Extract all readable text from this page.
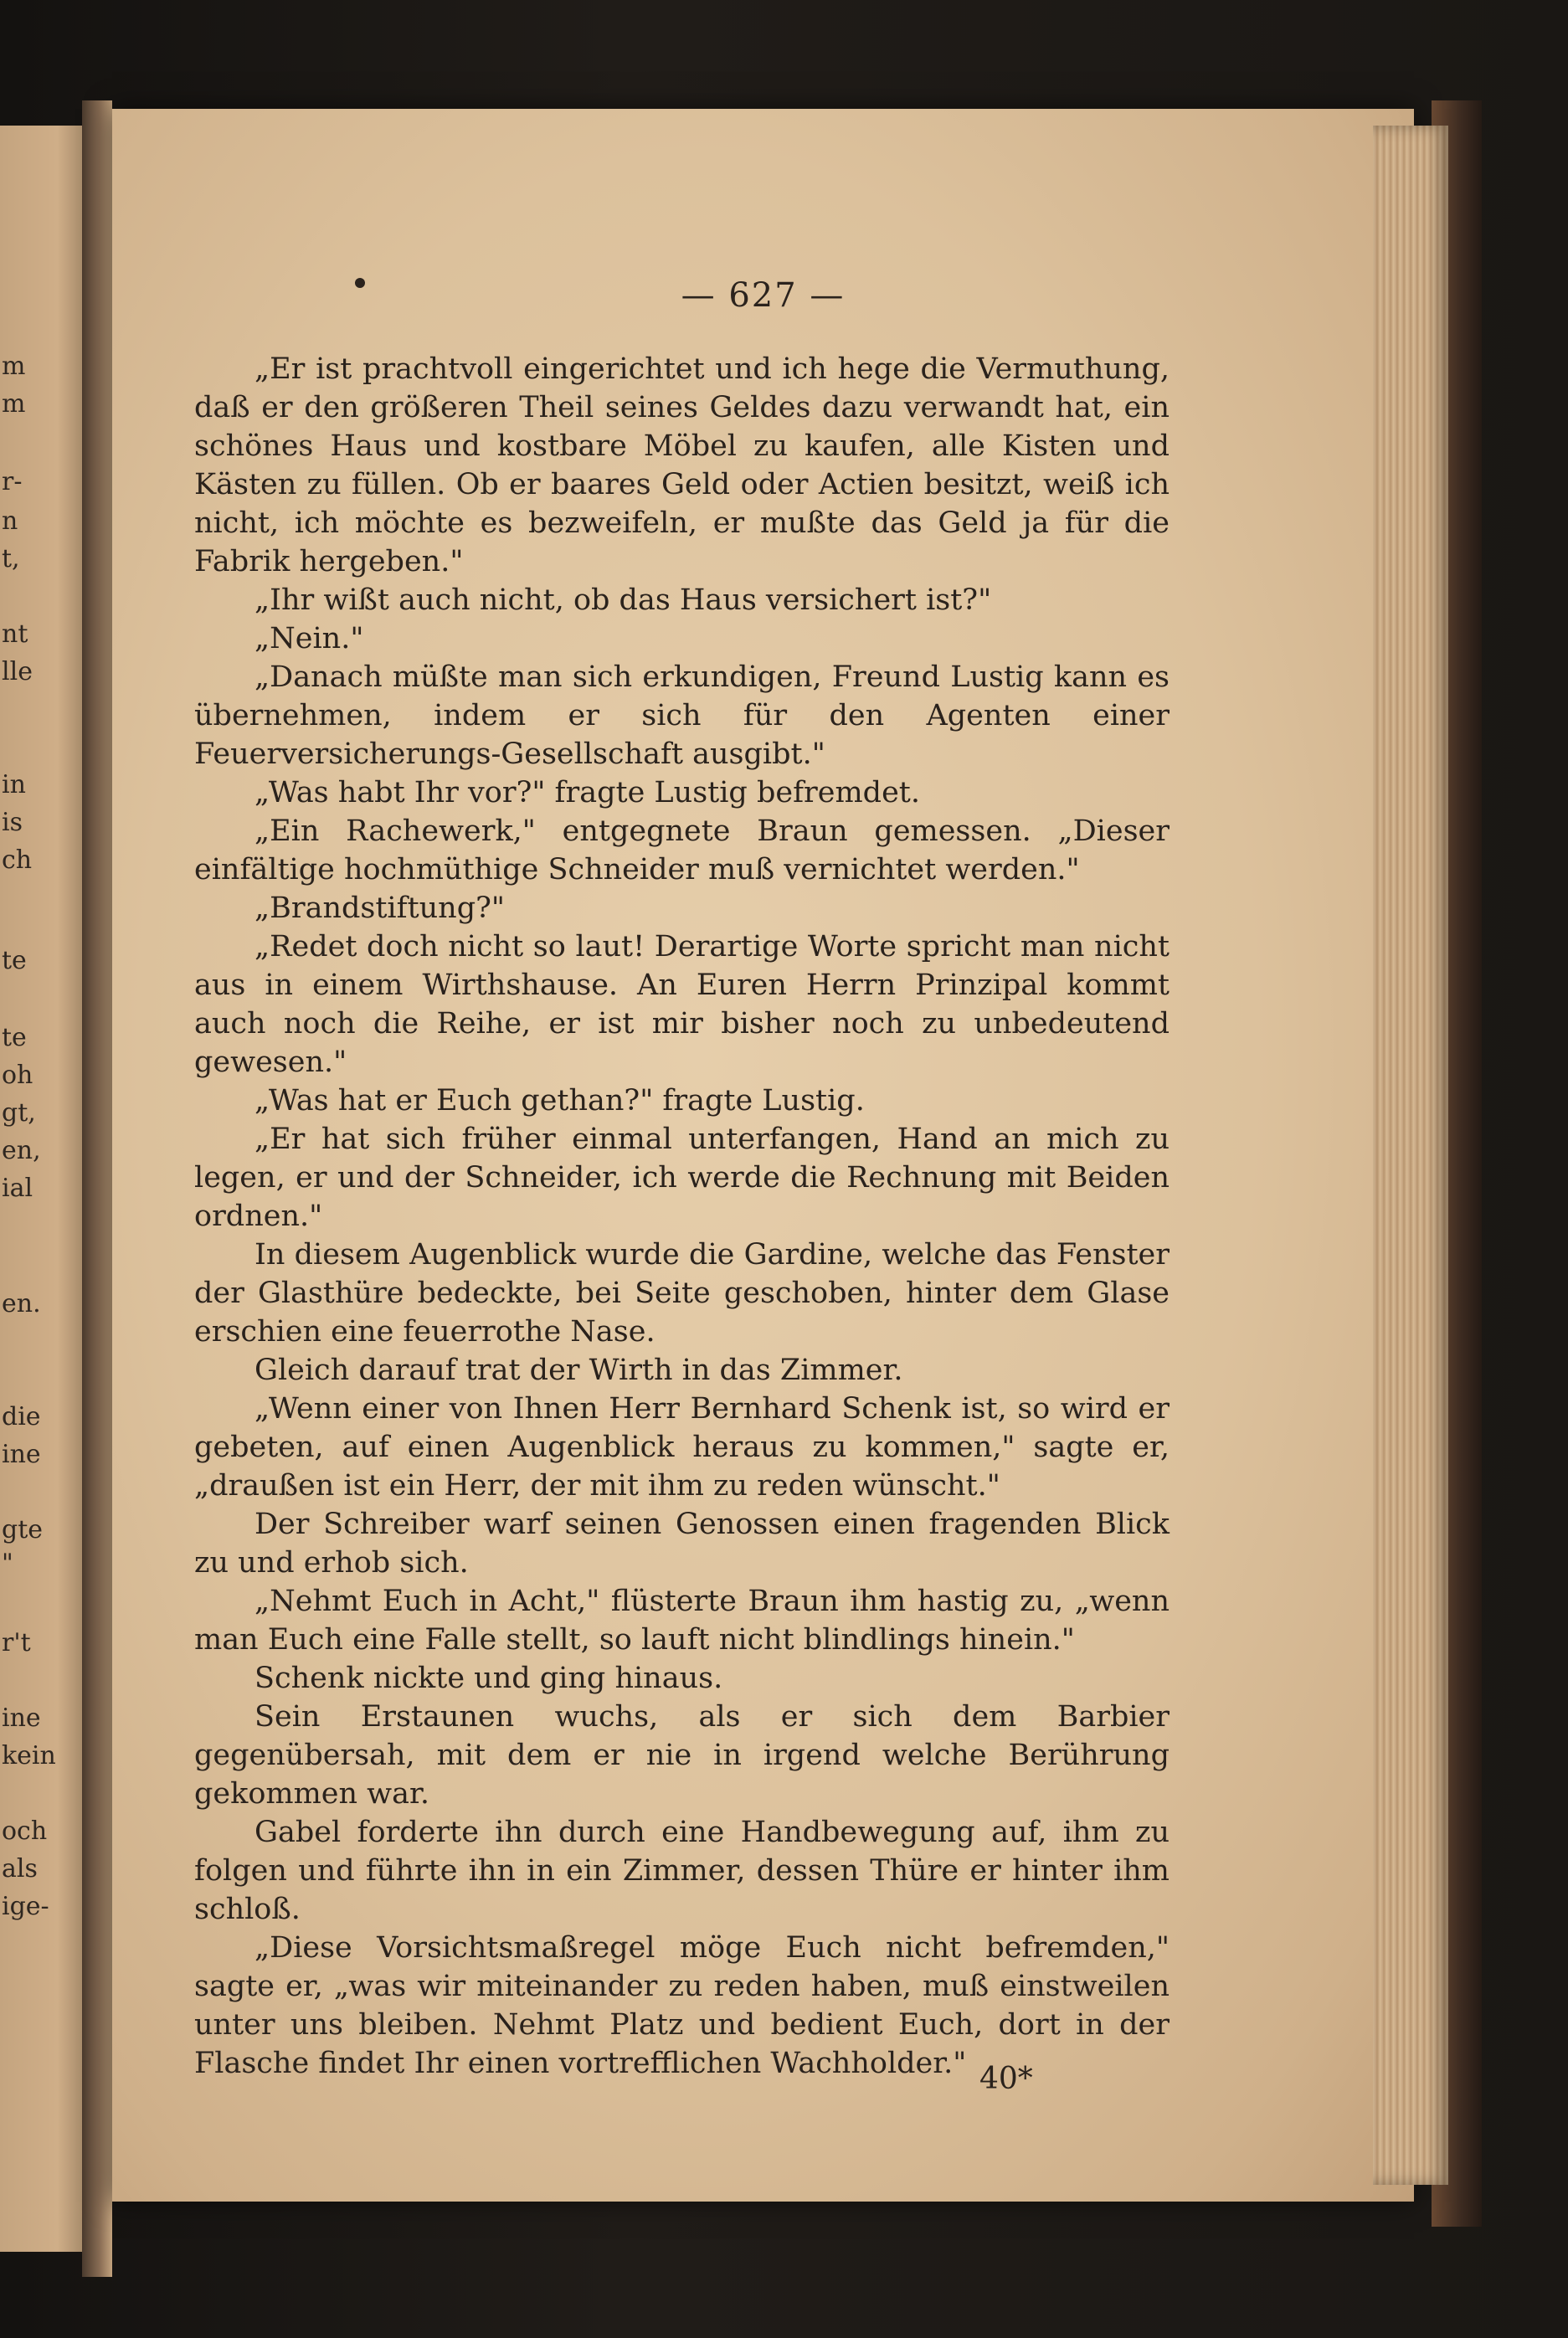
m
m
r-
n
t,
nt
lle
in
is
ch
te
te
oh
gt,
en,
ial
en.
die
ine
gte
"
r't
ine
kein
och
als
ige-
— 627 —

„Er ist prachtvoll eingerichtet und ich hege die Vermuthung, daß er den größeren Theil seines Geldes dazu verwandt hat, ein schönes Haus und kostbare Möbel zu kaufen, alle Kisten und Kästen zu füllen. Ob er baares Geld oder Actien besitzt, weiß ich nicht, ich möchte es bezweifeln, er mußte das Geld ja für die Fabrik hergeben."

„Ihr wißt auch nicht, ob das Haus versichert ist?"

„Nein."

„Danach müßte man sich erkundigen, Freund Lustig kann es übernehmen, indem er sich für den Agenten einer Feuerversicherungs-Gesellschaft ausgibt."

„Was habt Ihr vor?" fragte Lustig befremdet.

„Ein Rachewerk," entgegnete Braun gemessen. „Dieser einfältige hochmüthige Schneider muß vernichtet werden."

„Brandstiftung?"

„Redet doch nicht so laut! Derartige Worte spricht man nicht aus in einem Wirthshause. An Euren Herrn Prinzipal kommt auch noch die Reihe, er ist mir bisher noch zu unbedeutend gewesen."

„Was hat er Euch gethan?" fragte Lustig.

„Er hat sich früher einmal unterfangen, Hand an mich zu legen, er und der Schneider, ich werde die Rechnung mit Beiden ordnen."

In diesem Augenblick wurde die Gardine, welche das Fenster der Glasthüre bedeckte, bei Seite geschoben, hinter dem Glase erschien eine feuerrothe Nase.

Gleich darauf trat der Wirth in das Zimmer.

„Wenn einer von Ihnen Herr Bernhard Schenk ist, so wird er gebeten, auf einen Augenblick heraus zu kommen," sagte er, „draußen ist ein Herr, der mit ihm zu reden wünscht."

Der Schreiber warf seinen Genossen einen fragenden Blick zu und erhob sich.

„Nehmt Euch in Acht," flüsterte Braun ihm hastig zu, „wenn man Euch eine Falle stellt, so lauft nicht blindlings hinein."

Schenk nickte und ging hinaus.

Sein Erstaunen wuchs, als er sich dem Barbier gegenübersah, mit dem er nie in irgend welche Berührung gekommen war.

Gabel forderte ihn durch eine Handbewegung auf, ihm zu folgen und führte ihn in ein Zimmer, dessen Thüre er hinter ihm schloß.

„Diese Vorsichtsmaßregel möge Euch nicht befremden," sagte er, „was wir miteinander zu reden haben, muß einstweilen unter uns bleiben. Nehmt Platz und bedient Euch, dort in der Flasche findet Ihr einen vortrefflichen Wachholder." 40*
